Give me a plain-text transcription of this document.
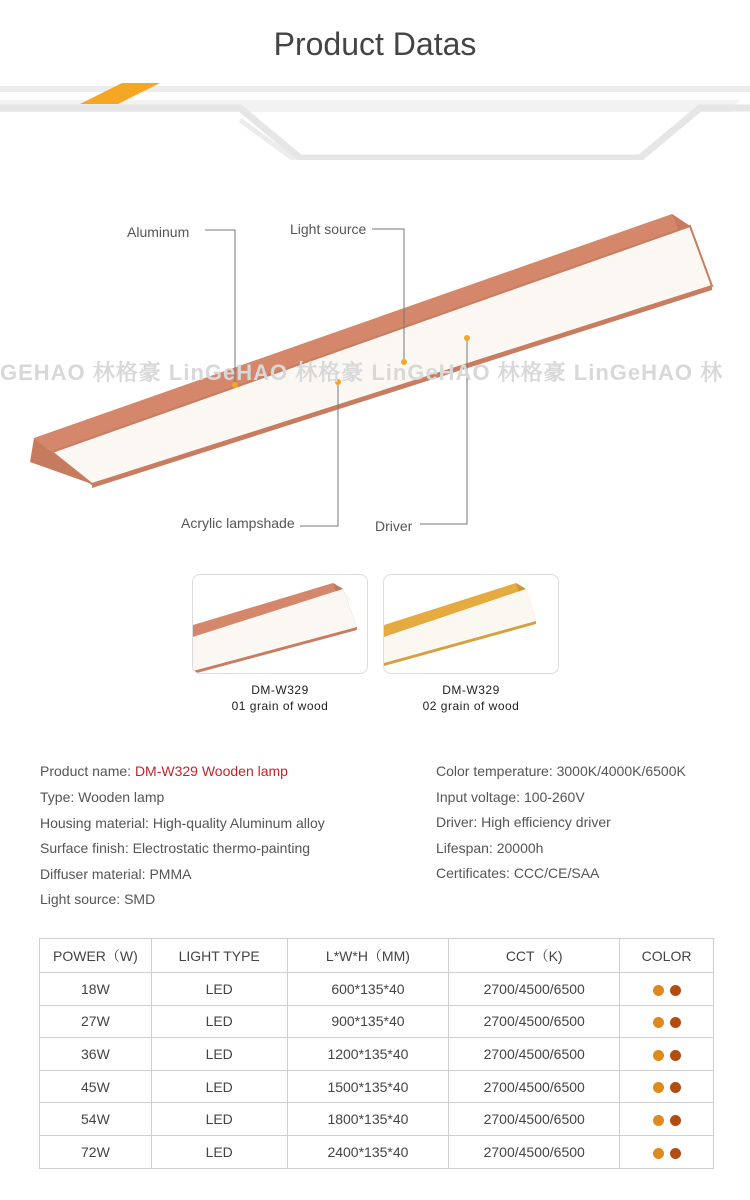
Product Datas
GEHAO 林格豪 LinGeHAO 林格豪 LinGeHAO 林格豪 LinGeHAO 林
Aluminum	Light source
Acrylic lampshade	Driver
DM-W329
01 grain of wood
DM-W329
02 grain of wood
Product name: DM-W329 Wooden lamp
Type: Wooden lamp
Housing material: High-quality Aluminum alloy
Surface finish: Electrostatic thermo-painting
Diffuser material: PMMA
Light source: SMD
Color temperature: 3000K/4000K/6500K
Input voltage: 100-260V
Driver: High efficiency driver
Lifespan: 20000h
Certificates: CCC/CE/SAA
POWER（W)	LIGHT TYPE	L*W*H（MM)	CCT（K)	COLOR
18W	LED	600*135*40	2700/4500/6500	
27W	LED	900*135*40	2700/4500/6500	
36W	LED	1200*135*40	2700/4500/6500	
45W	LED	1500*135*40	2700/4500/6500	
54W	LED	1800*135*40	2700/4500/6500	
72W	LED	2400*135*40	2700/4500/6500	
